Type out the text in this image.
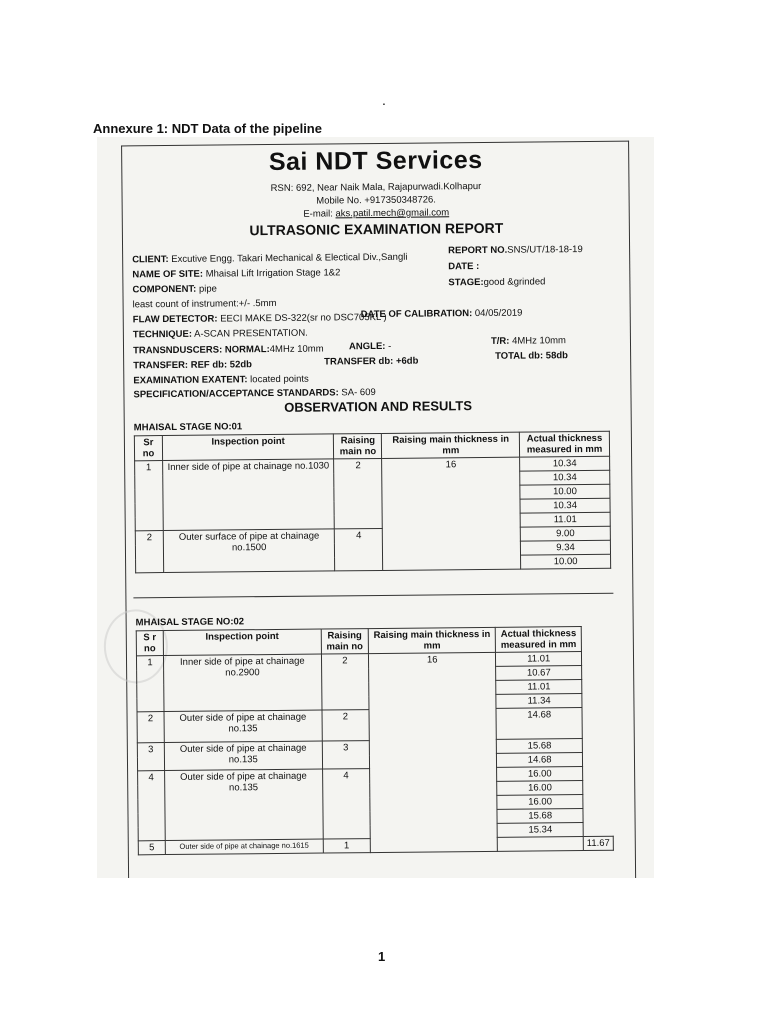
.
Annexure 1: NDT Data of the pipeline
Sai NDT Services
RSN: 692, Near Naik Mala, Rajapurwadi.Kolhapur
Mobile No. +917350348726.
E-mail: aks.patil.mech@gmail.com
ULTRASONIC EXAMINATION REPORT
CLIENT: Excutive Engg. Takari Mechanical & Electical Div.,Sangli
REPORT NO.SNS/UT/18-18-19
NAME OF SITE: Mhaisal Lift Irrigation Stage 1&2
DATE :
COMPONENT: pipe
STAGE:good &grinded
least count of instrument:+/- .5mm
FLAW DETECTOR: EECI MAKE DS-322(sr no DSC705KL )
DATE OF CALIBRATION: 04/05/2019
TECHNIQUE: A-SCAN PRESENTATION.
TRANSNDUSCERS: NORMAL:4MHz 10mm	ANGLE: -	T/R: 4MHz 10mm
TRANSFER: REF db: 52db	TRANSFER db: +6db	TOTAL db: 58db
EXAMINATION EXATENT: located points
SPECIFICATION/ACCEPTANCE STANDARDS: SA- 609
OBSERVATION AND RESULTS
MHAISAL STAGE NO:01
Sr no	Inspection point	Raising main no	Raising main thickness in mm	Actual thickness measured in mm
1	Inner side of pipe at chainage no.1030	2	16	10.34
				10.34
				10.00
				10.34
				11.01
2	Outer surface of pipe at chainage no.1500	4		9.00
				9.34
				10.00
MHAISAL STAGE NO:02
S r no	Inspection point	Raising main no	Raising main thickness in mm	Actual thickness measured in mm	
1	Inner side of pipe at chainage no.2900	2	16	11.01	
				10.67	
				11.01	
				11.34	
2	Outer side of pipe at chainage no.135	2		14.68	
3	Outer side of pipe at chainage no.135	3		15.68	
				14.68	
4	Outer side of pipe at chainage no.135	4		16.00	
				16.00	
				16.00	
				15.68	
				15.34	
5	Outer side of pipe at chainage no.1615	1			11.67
1
